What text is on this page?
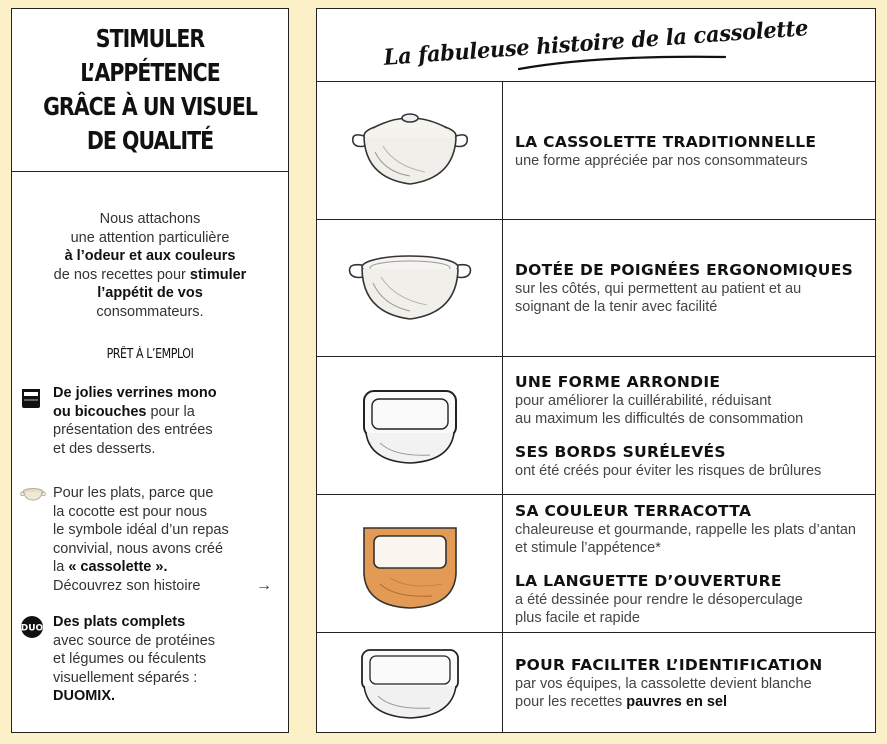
STIMULER L’APPÉTENCE
GRÂCE À UN VISUEL
DE QUALITÉ
Nous attachons
une attention particulière
à l’odeur et aux couleurs
de nos recettes pour stimuler
l’appétit de vos
consommateurs.
PRÊT À L’EMPLOI
De jolies verrines mono
ou bicouches pour la
présentation des entrées
et des desserts.
Pour les plats, parce que
la cocotte est pour nous
le symbole idéal d’un repas
convivial, nous avons créé
la « cassolette ».
Découvrez son histoire	→
DUO Des plats complets
avec source de protéines
et légumes ou féculents
visuellement séparés :
DUOMIX.
La fabuleuse histoire de la cassolette
LA CASSOLETTE TRADITIONNELLE
une forme appréciée par nos consommateurs
DOTÉE DE POIGNÉES ERGONOMIQUES
sur les côtés, qui permettent au patient et au
soignant de la tenir avec facilité
UNE FORME ARRONDIE
pour améliorer la cuillérabilité, réduisant
au maximum les difficultés de consommation
SES BORDS SURÉLEVÉS
ont été créés pour éviter les risques de brûlures
SA COULEUR TERRACOTTA
chaleureuse et gourmande, rappelle les plats d’antan
et stimule l’appétence*
LA LANGUETTE D’OUVERTURE
a été dessinée pour rendre le désoperculage
plus facile et rapide
POUR FACILITER L’IDENTIFICATION
par vos équipes, la cassolette devient blanche
pour les recettes pauvres en sel
